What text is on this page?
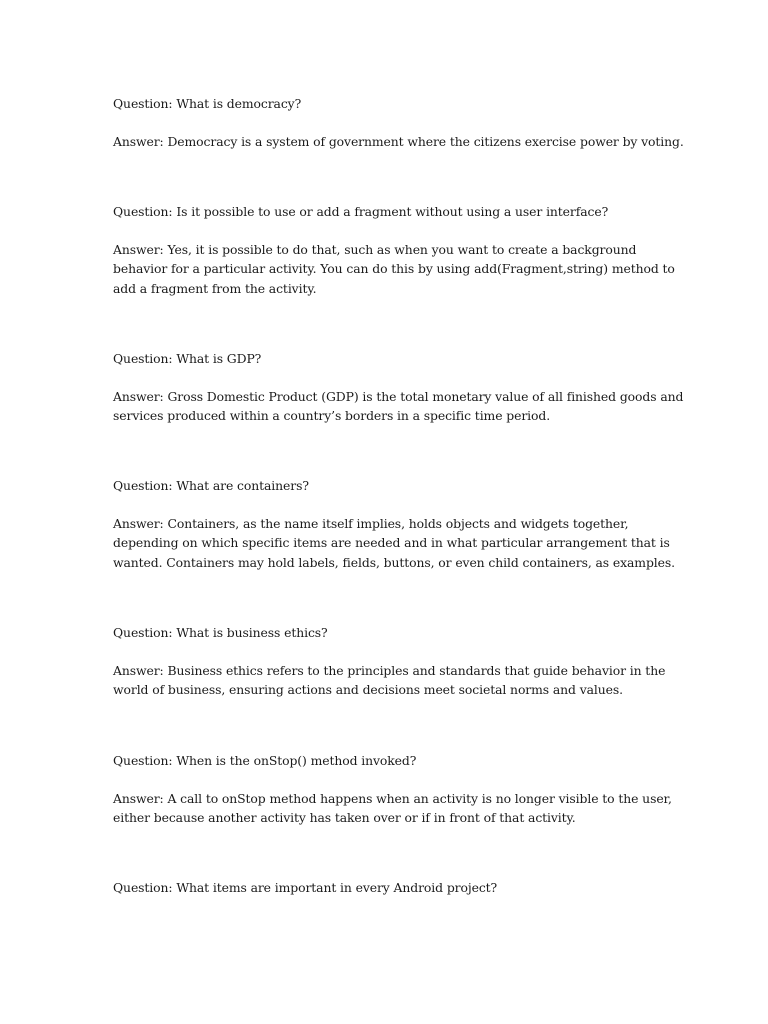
Question: What is democracy?

Answer: Democracy is a system of government where the citizens exercise power by voting.

Question: Is it possible to use or add a fragment without using a user interface?

Answer: Yes, it is possible to do that, such as when you want to create a background

behavior for a particular activity. You can do this by using add(Fragment,string) method to

add a fragment from the activity.

Question: What is GDP?

Answer: Gross Domestic Product (GDP) is the total monetary value of all finished goods and

services produced within a country’s borders in a specific time period.

Question: What are containers?

Answer: Containers, as the name itself implies, holds objects and widgets together,

depending on which specific items are needed and in what particular arrangement that is

wanted. Containers may hold labels, fields, buttons, or even child containers, as examples.

Question: What is business ethics?

Answer: Business ethics refers to the principles and standards that guide behavior in the

world of business, ensuring actions and decisions meet societal norms and values.

Question: When is the onStop() method invoked?

Answer: A call to onStop method happens when an activity is no longer visible to the user,

either because another activity has taken over or if in front of that activity.

Question: What items are important in every Android project?
